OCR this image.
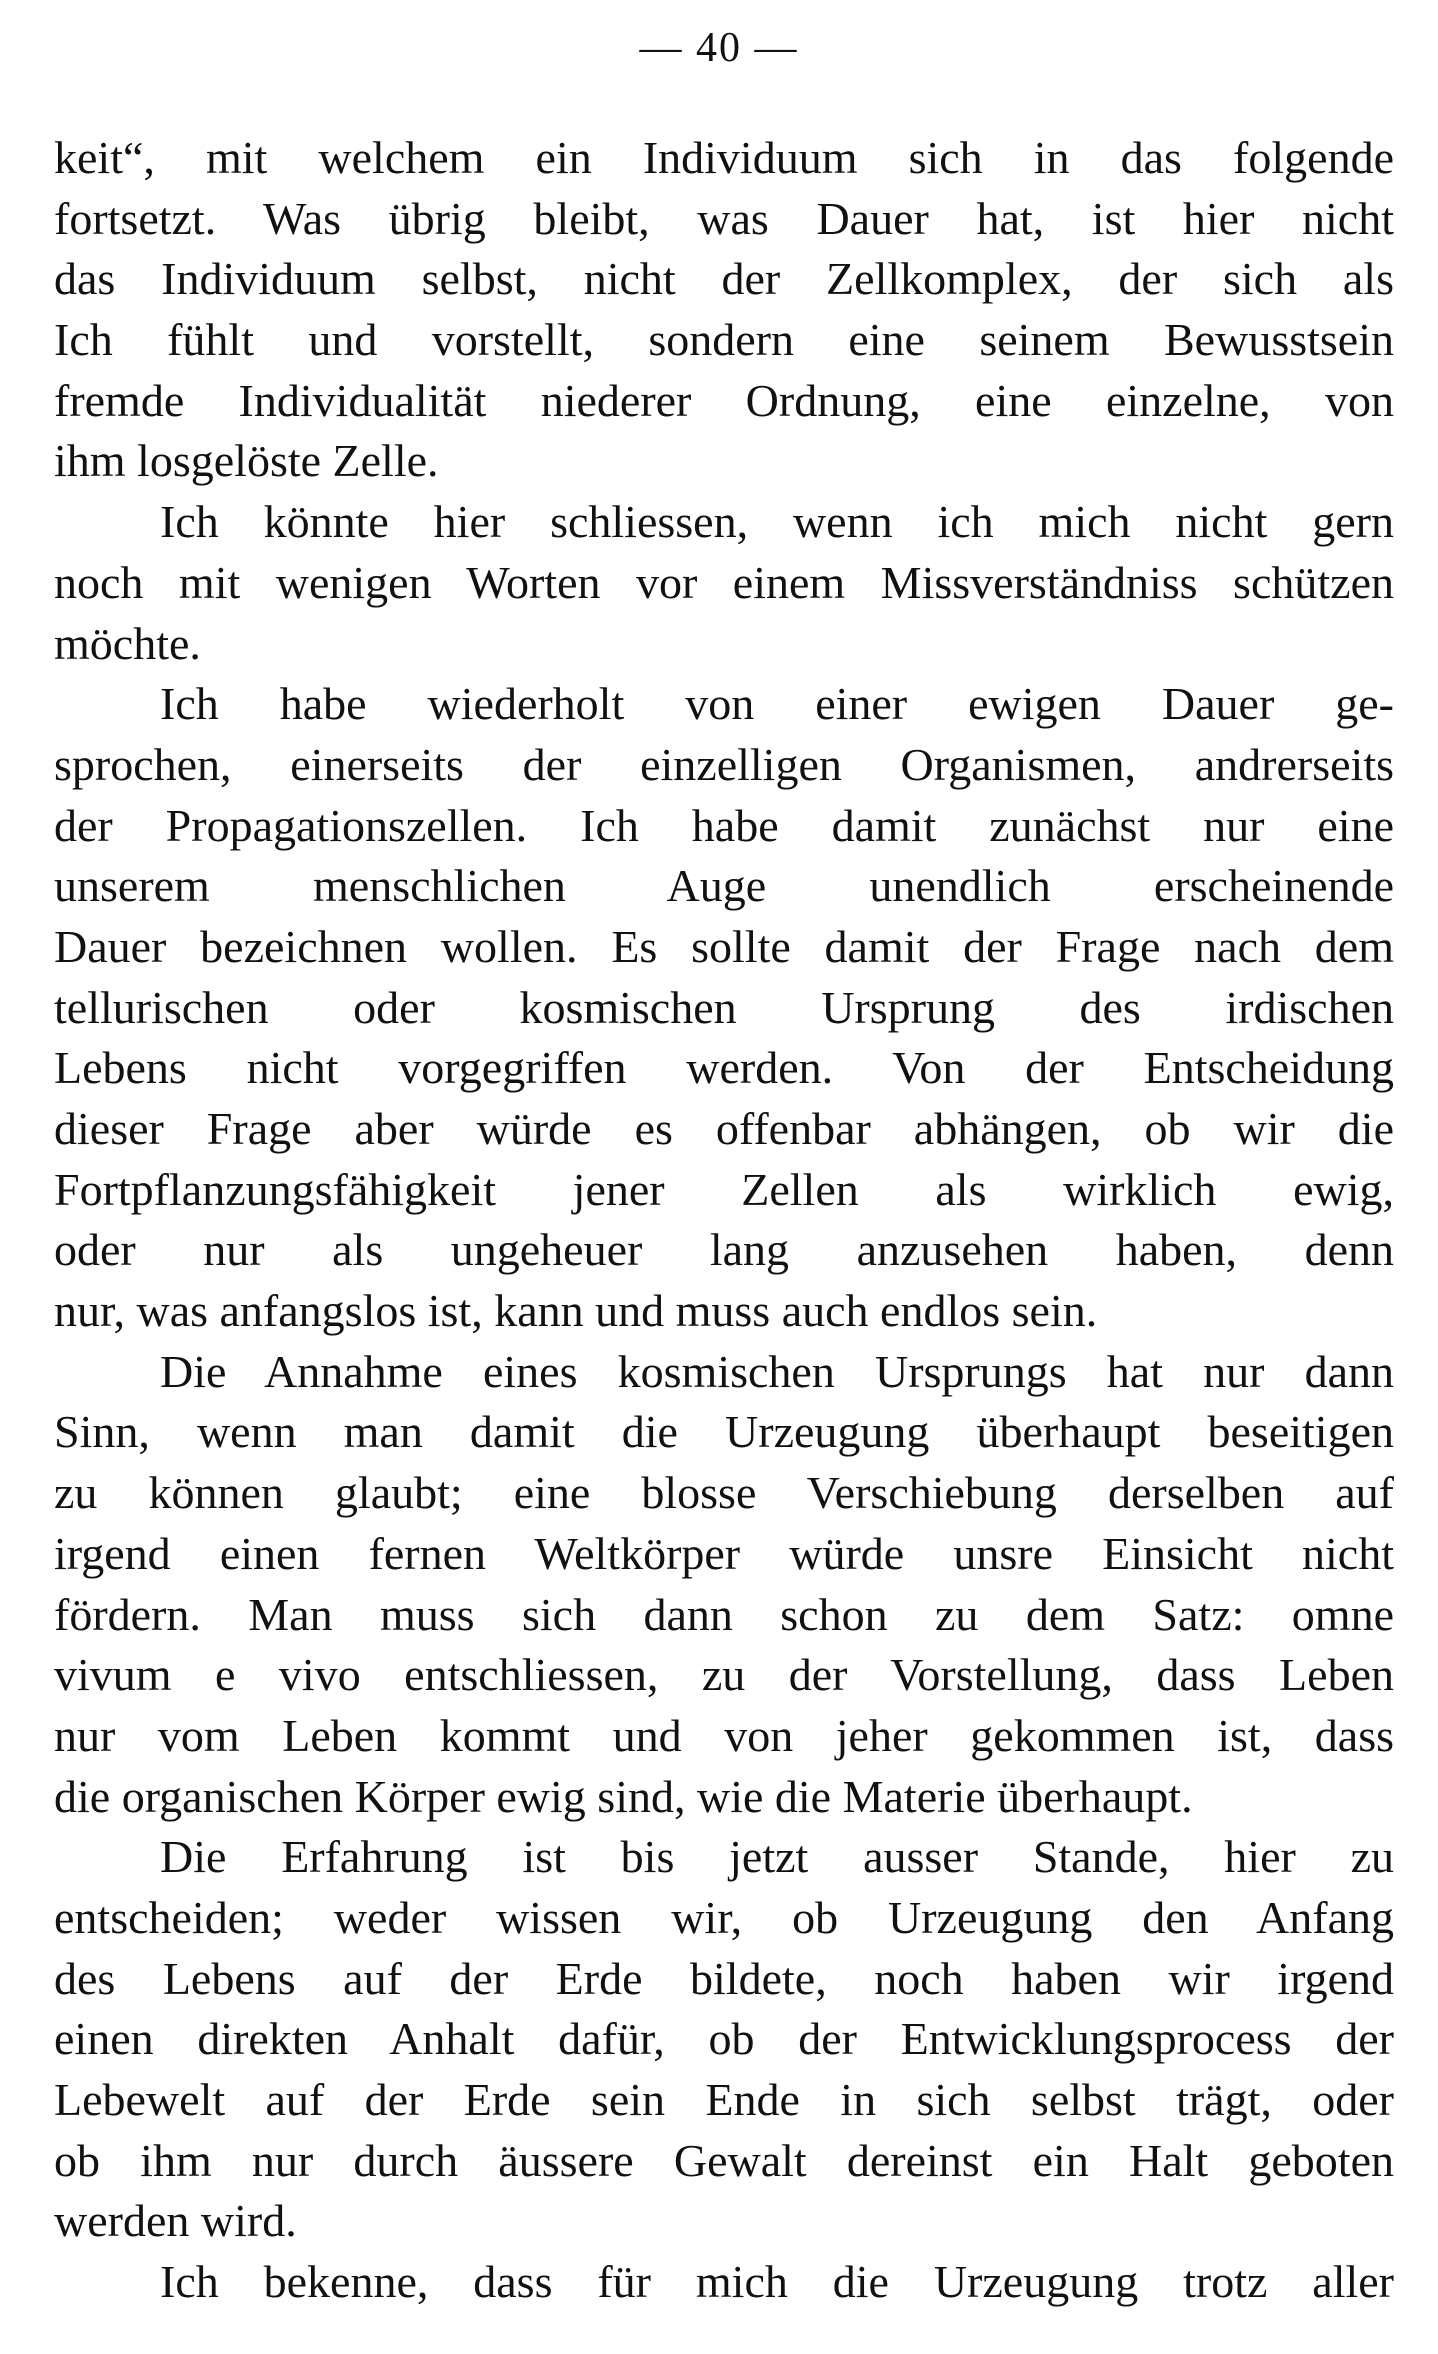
— 40 —
keit“, mit welchem ein Individuum sich in das folgende
fortsetzt. Was übrig bleibt, was Dauer hat, ist hier nicht
das Individuum selbst, nicht der Zellkomplex, der sich als
Ich fühlt und vorstellt, sondern eine seinem Bewusstsein
fremde Individualität niederer Ordnung, eine einzelne, von
ihm losgelöste Zelle.
Ich könnte hier schliessen, wenn ich mich nicht gern
noch mit wenigen Worten vor einem Missverständniss schützen
möchte.
Ich habe wiederholt von einer ewigen Dauer ge-
sprochen, einerseits der einzelligen Organismen, andrerseits
der Propagationszellen. Ich habe damit zunächst nur eine
unserem menschlichen Auge unendlich erscheinende
Dauer bezeichnen wollen. Es sollte damit der Frage nach dem
tellurischen oder kosmischen Ursprung des irdischen
Lebens nicht vorgegriffen werden. Von der Entscheidung
dieser Frage aber würde es offenbar abhängen, ob wir die
Fortpflanzungsfähigkeit jener Zellen als wirklich ewig,
oder nur als ungeheuer lang anzusehen haben, denn
nur, was anfangslos ist, kann und muss auch endlos sein.
Die Annahme eines kosmischen Ursprungs hat nur dann
Sinn, wenn man damit die Urzeugung überhaupt beseitigen
zu können glaubt; eine blosse Verschiebung derselben auf
irgend einen fernen Weltkörper würde unsre Einsicht nicht
fördern. Man muss sich dann schon zu dem Satz: omne
vivum e vivo entschliessen, zu der Vorstellung, dass Leben
nur vom Leben kommt und von jeher gekommen ist, dass
die organischen Körper ewig sind, wie die Materie überhaupt.
Die Erfahrung ist bis jetzt ausser Stande, hier zu
entscheiden; weder wissen wir, ob Urzeugung den Anfang
des Lebens auf der Erde bildete, noch haben wir irgend
einen direkten Anhalt dafür, ob der Entwicklungsprocess der
Lebewelt auf der Erde sein Ende in sich selbst trägt, oder
ob ihm nur durch äussere Gewalt dereinst ein Halt geboten
werden wird.
Ich bekenne, dass für mich die Urzeugung trotz aller
